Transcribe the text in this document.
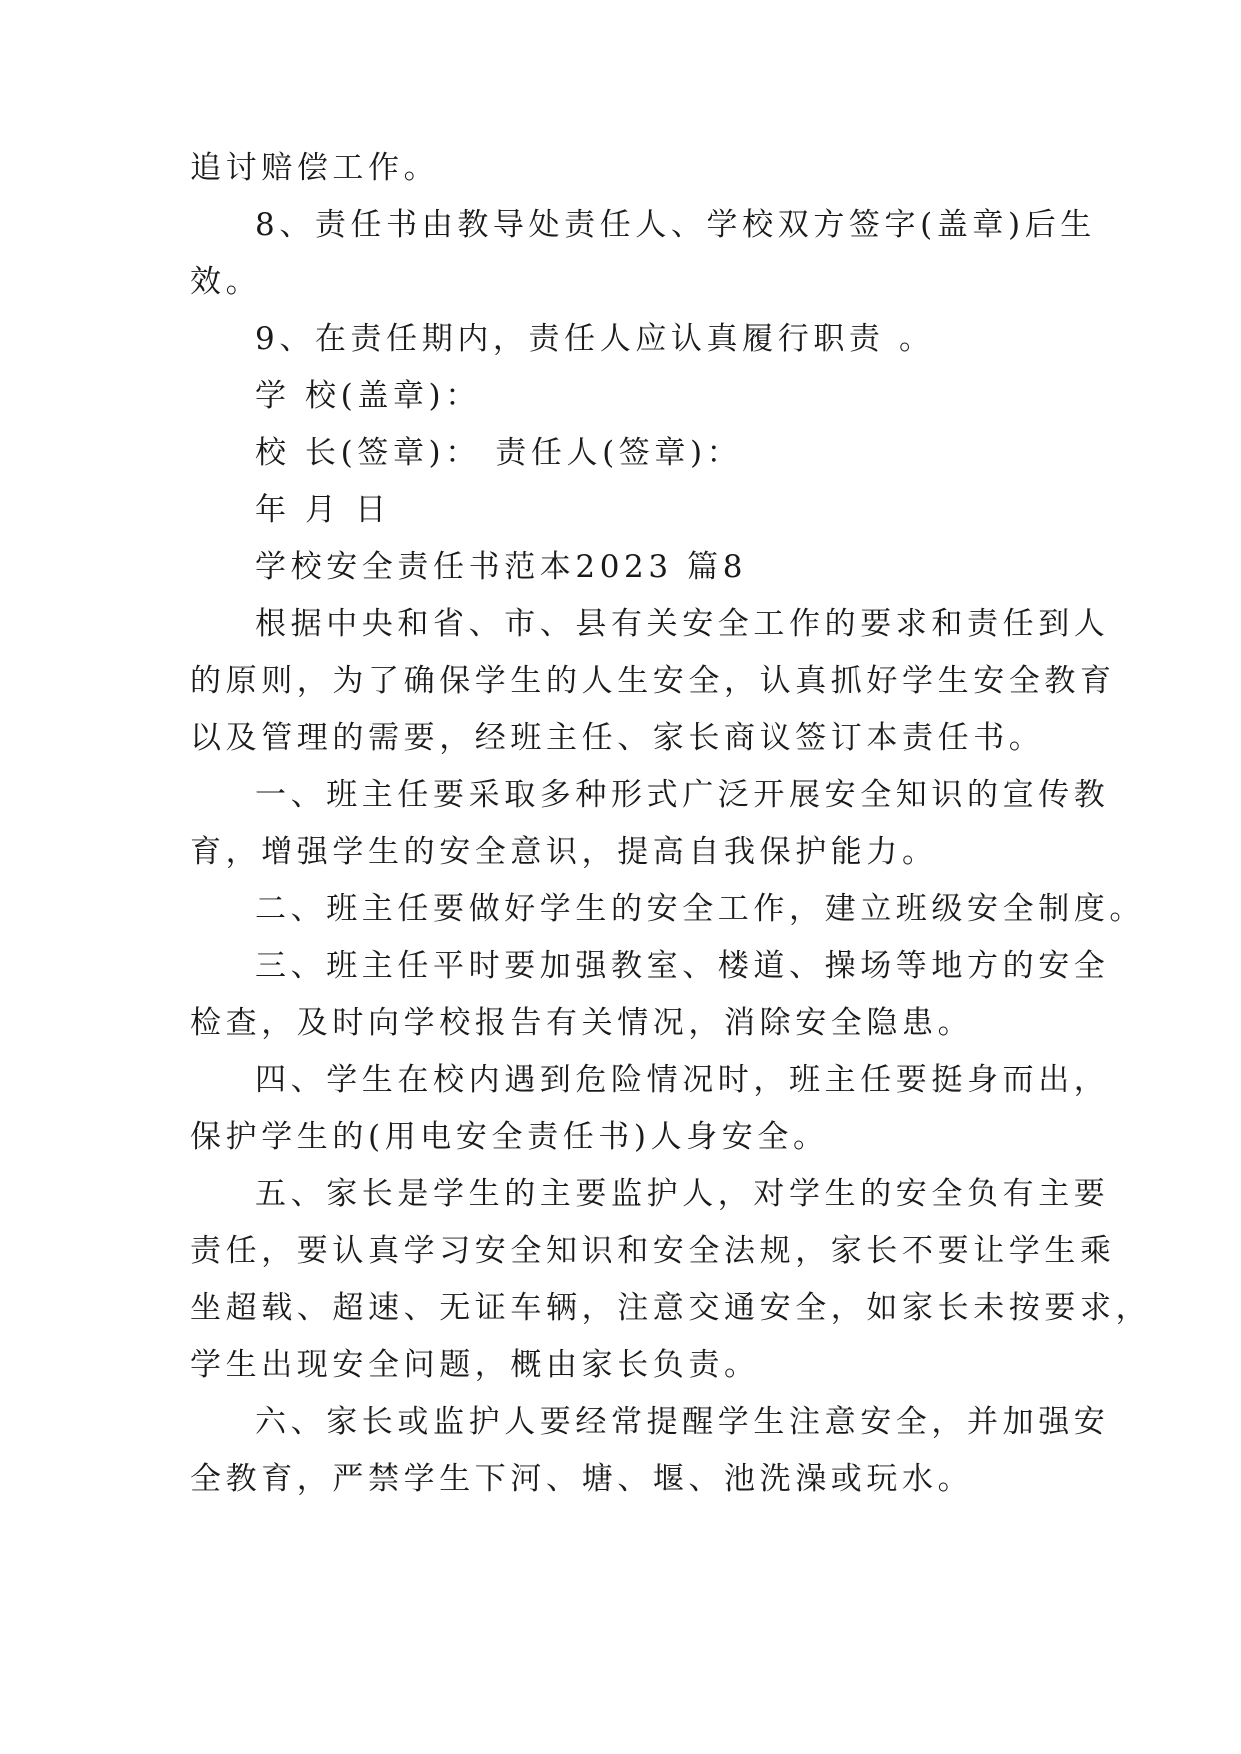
追讨赔偿工作。
8、责任书由教导处责任人、学校双方签字(盖章)后生
效。
9、在责任期内，责任人应认真履行职责 。
学 校(盖章)：
校 长(签章)： 责任人(签章)：
年 月 日
学校安全责任书范本2023 篇8
根据中央和省、市、县有关安全工作的要求和责任到人
的原则，为了确保学生的人生安全，认真抓好学生安全教育
以及管理的需要，经班主任、家长商议签订本责任书。
一、班主任要采取多种形式广泛开展安全知识的宣传教
育，增强学生的安全意识，提高自我保护能力。
二、班主任要做好学生的安全工作，建立班级安全制度。
三、班主任平时要加强教室、楼道、操场等地方的安全
检查，及时向学校报告有关情况，消除安全隐患。
四、学生在校内遇到危险情况时，班主任要挺身而出，
保护学生的(用电安全责任书)人身安全。
五、家长是学生的主要监护人，对学生的安全负有主要
责任，要认真学习安全知识和安全法规，家长不要让学生乘
坐超载、超速、无证车辆，注意交通安全，如家长未按要求，
学生出现安全问题，概由家长负责。
六、家长或监护人要经常提醒学生注意安全，并加强安
全教育，严禁学生下河、塘、堰、池洗澡或玩水。
